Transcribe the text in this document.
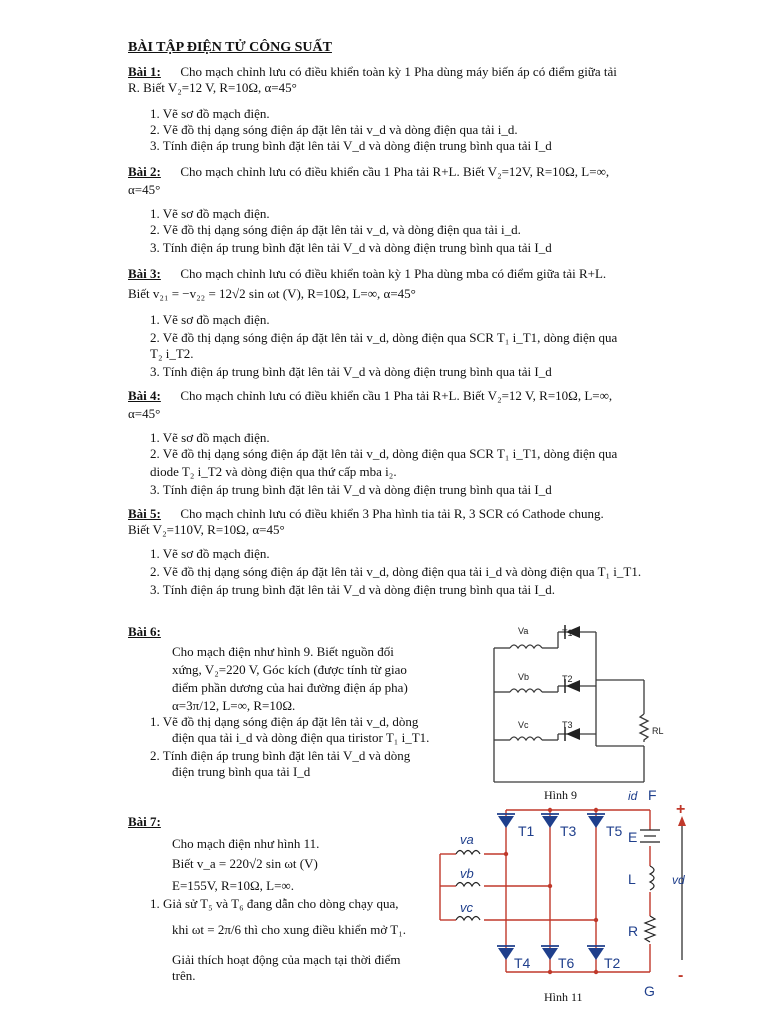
BÀI TẬP ĐIỆN TỬ CÔNG SUẤT
Bài 1: Cho mạch chỉnh lưu có điều khiển toàn kỳ 1 Pha dùng máy biến áp có điểm giữa tải
R. Biết V₂=12 V, R=10Ω, α=45°
1. Vẽ sơ đồ mạch điện.
2. Vẽ đồ thị dạng sóng điện áp đặt lên tải v_d và dòng điện qua tải i_d.
3. Tính điện áp trung bình đặt lên tải V_d và dòng điện trung bình qua tải I_d
Bài 2: Cho mạch chỉnh lưu có điều khiển cầu 1 Pha tải R+L. Biết V₂=12V, R=10Ω, L=∞,
α=45°
1. Vẽ sơ đồ mạch điện.
2. Vẽ đồ thị dạng sóng điện áp đặt lên tải v_d, và dòng điện qua tải i_d.
3. Tính điện áp trung bình đặt lên tải V_d và dòng điện trung bình qua tải I_d
Bài 3: Cho mạch chỉnh lưu có điều khiển toàn kỳ 1 Pha dùng mba có điểm giữa tải R+L.
Biết v₂₁ = −v₂₂ = 12√2 sin ωt (V), R=10Ω, L=∞, α=45°
1. Vẽ sơ đồ mạch điện.
2. Vẽ đồ thị dạng sóng điện áp đặt lên tải v_d, dòng điện qua SCR T₁ i_T1, dòng điện qua
T₂ i_T2.
3. Tính điện áp trung bình đặt lên tải V_d và dòng điện trung bình qua tải I_d
Bài 4: Cho mạch chỉnh lưu có điều khiển cầu 1 Pha tải R+L. Biết V₂=12 V, R=10Ω, L=∞,
α=45°
1. Vẽ sơ đồ mạch điện.
2. Vẽ đồ thị dạng sóng điện áp đặt lên tải v_d, dòng điện qua SCR T₁ i_T1, dòng điện qua
diode T₂ i_T2 và dòng điện qua thứ cấp mba i₂.
3. Tính điện áp trung bình đặt lên tải V_d và dòng điện trung bình qua tải I_d
Bài 5: Cho mạch chỉnh lưu có điều khiển 3 Pha hình tia tải R, 3 SCR có Cathode chung.
Biết V₂=110V, R=10Ω, α=45°
1. Vẽ sơ đồ mạch điện.
2. Vẽ đồ thị dạng sóng điện áp đặt lên tải v_d, dòng điện qua tải i_d và dòng điện qua T₁ i_T1.
3. Tính điện áp trung bình đặt lên tải V_d và dòng điện trung bình qua tải I_d.
Bài 6:
Cho mạch điện như hình 9. Biết nguồn đối
xứng, V₂=220 V, Góc kích (được tính từ giao
điểm phần dương của hai đường điện áp pha)
α=3π/12, L=∞, R=10Ω.
1. Vẽ đồ thị dạng sóng điện áp đặt lên tải v_d, dòng
điện qua tải i_d và dòng điện qua tiristor T₁ i_T1.
2. Tính điện áp trung bình đặt lên tải V_d và dòng
điện trung bình qua tải I_d
Va
Vb
Vc
T1
T2
T3
RL
Hình 9
Bài 7:
Cho mạch điện như hình 11.
Biết v_a = 220√2 sin ωt (V)
E=155V, R=10Ω, L=∞.
1. Giả sử T₅ và T₆ đang dẫn cho dòng chạy qua,
khi ωt = 2π/6 thì cho xung điều khiển mở T₁.
Giải thích hoạt động của mạch tại thời điểm
trên.
T1 T3 T5
T4 T6 T2
E
L
R
F
G
id
vd
va
vb
vc
+
-
Hình 11
